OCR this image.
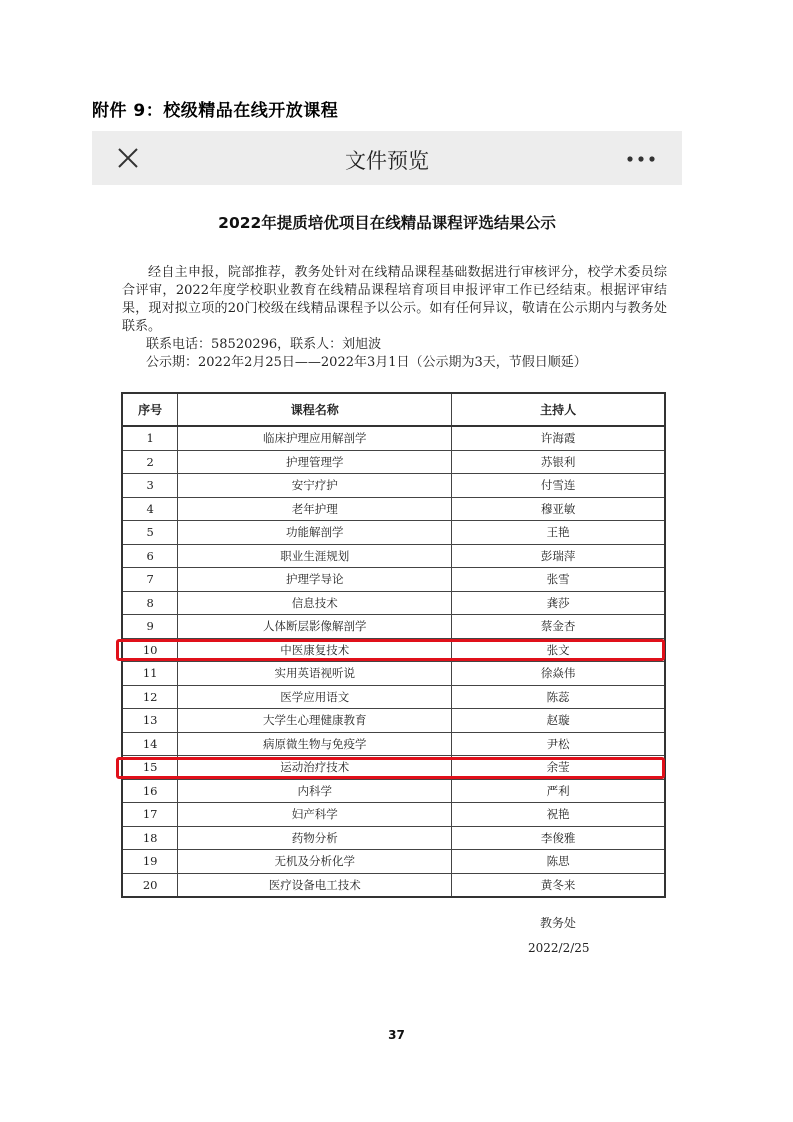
附件 9：校级精品在线开放课程
文件预览
2022年提质培优项目在线精品课程评选结果公示

经自主申报，院部推荐，教务处针对在线精品课程基础数据进行审核评分，校学术委员综合评审，2022年度学校职业教育在线精品课程培育项目申报评审工作已经结束。根据评审结果，现对拟立项的20门校级在线精品课程予以公示。如有任何异议，敬请在公示期内与教务处联系。

联系电话：58520296，联系人：刘旭波

公示期：2022年2月25日——2022年3月1日（公示期为3天，节假日顺延）

序号	课程名称	主持人
1	临床护理应用解剖学	许海霞
2	护理管理学	苏银利
3	安宁疗护	付雪连
4	老年护理	穆亚敏
5	功能解剖学	王艳
6	职业生涯规划	彭瑞萍
7	护理学导论	张雪
8	信息技术	龚莎
9	人体断层影像解剖学	蔡金杏
10	中医康复技术	张文
11	实用英语视听说	徐焱伟
12	医学应用语文	陈蕊
13	大学生心理健康教育	赵璇
14	病原微生物与免疫学	尹松
15	运动治疗技术	余莹
16	内科学	严利
17	妇产科学	祝艳
18	药物分析	李俊雅
19	无机及分析化学	陈思
20	医疗设备电工技术	黄冬来
教务处
2022/2/25
37
